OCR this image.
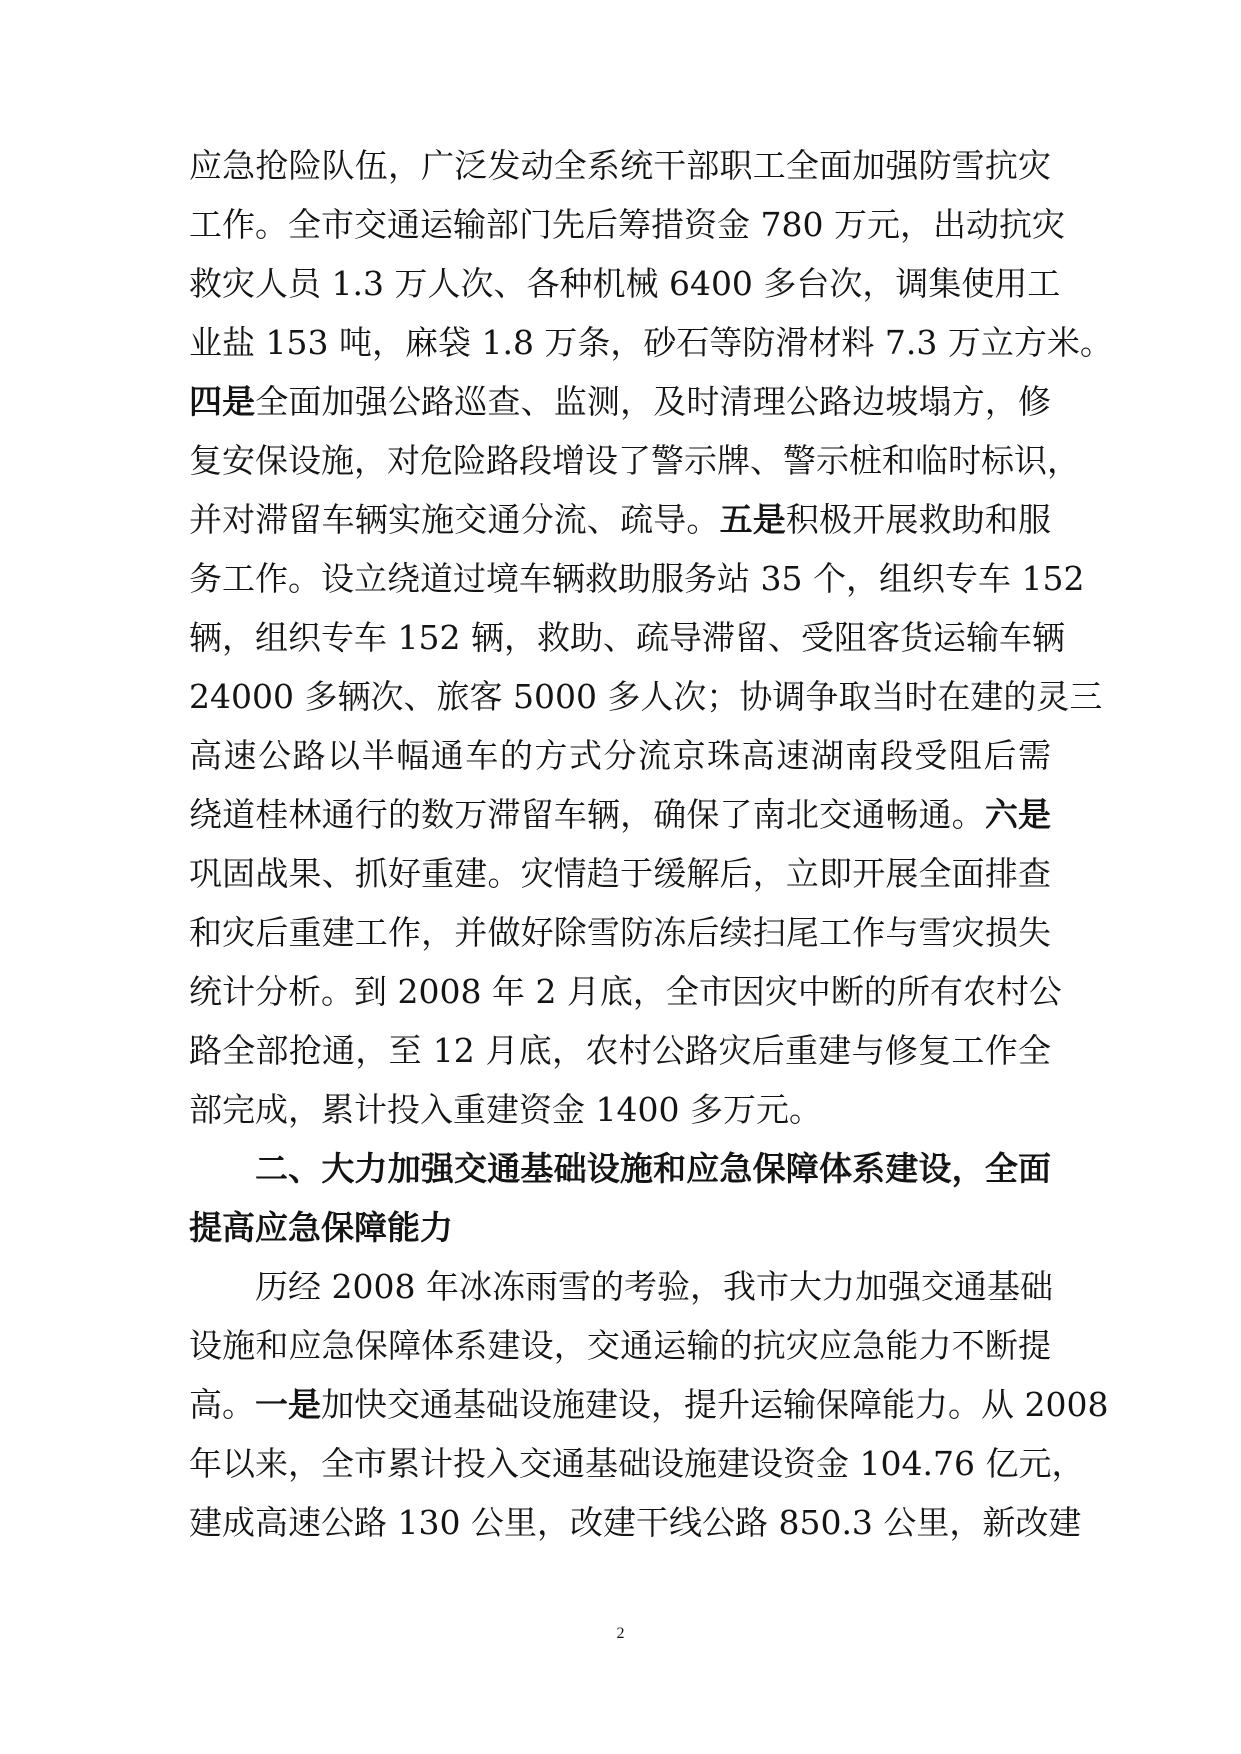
应急抢险队伍，广泛发动全系统干部职工全面加强防雪抗灾
工作。全市交通运输部门先后筹措资金 780 万元，出动抗灾
救灾人员 1.3 万人次、各种机械 6400 多台次，调集使用工
业盐 153 吨，麻袋 1.8 万条，砂石等防滑材料 7.3 万立方米。
四是全面加强公路巡查、监测，及时清理公路边坡塌方，修
复安保设施，对危险路段增设了警示牌、警示桩和临时标识，
并对滞留车辆实施交通分流、疏导。五是积极开展救助和服
务工作。设立绕道过境车辆救助服务站 35 个，组织专车 152
辆，组织专车 152 辆，救助、疏导滞留、受阻客货运输车辆
24000 多辆次、旅客 5000 多人次；协调争取当时在建的灵三
高速公路以半幅通车的方式分流京珠高速湖南段受阻后需
绕道桂林通行的数万滞留车辆，确保了南北交通畅通。六是
巩固战果、抓好重建。灾情趋于缓解后，立即开展全面排查
和灾后重建工作，并做好除雪防冻后续扫尾工作与雪灾损失
统计分析。到 2008 年 2 月底，全市因灾中断的所有农村公
路全部抢通，至 12 月底，农村公路灾后重建与修复工作全
部完成，累计投入重建资金 1400 多万元。
二、大力加强交通基础设施和应急保障体系建设，全面
提高应急保障能力
历经 2008 年冰冻雨雪的考验，我市大力加强交通基础
设施和应急保障体系建设，交通运输的抗灾应急能力不断提
高。一是加快交通基础设施建设，提升运输保障能力。从 2008
年以来，全市累计投入交通基础设施建设资金 104.76 亿元，
建成高速公路 130 公里，改建干线公路 850.3 公里，新改建
2
